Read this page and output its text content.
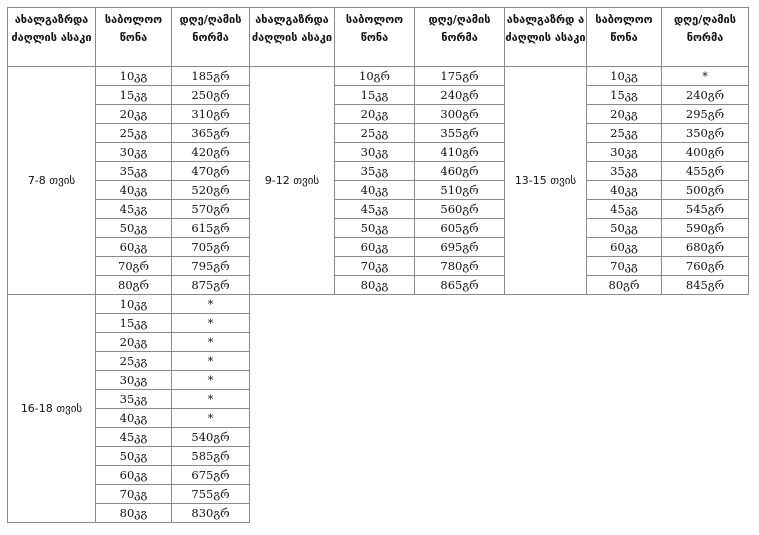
ახალგაზრდა ძაღლის ასაკი	საბოლოო წონა	დღე/ღამის ნორმა	ახალგაზრდა ძაღლის ასაკი	საბოლოო წონა	დღე/ღამის ნორმა	ახალგაზრდ ა ძაღლის ასაკი	საბოლოო წონა	დღე/ღამის ნორმა
7-8 თვის	10კგ	185გრ	9-12 თვის	10გრ	175გრ	13-15 თვის	10კგ	*
	15კგ	250გრ		15კგ	240გრ		15კგ	240გრ
	20კგ	310გრ		20კგ	300გრ		20კგ	295გრ
	25კგ	365გრ		25კგ	355გრ		25კგ	350გრ
	30კგ	420გრ		30კგ	410გრ		30კგ	400გრ
	35კგ	470გრ		35კგ	460გრ		35კგ	455გრ
	40კგ	520გრ		40კგ	510გრ		40კგ	500გრ
	45კგ	570გრ		45კგ	560გრ		45კგ	545გრ
	50კგ	615გრ		50კგ	605გრ		50კგ	590გრ
	60კგ	705გრ		60კგ	695გრ		60კგ	680გრ
	70გრ	795გრ		70კგ	780გრ		70კგ	760გრ
	80გრ	875გრ		80კგ	865გრ		80გრ	845გრ
16-18 თვის	10კგ	*						
	15კგ	*						
	20კგ	*						
	25კგ	*						
	30კგ	*						
	35კგ	*						
	40კგ	*						
	45კგ	540გრ						
	50კგ	585გრ						
	60კგ	675გრ						
	70კგ	755გრ						
	80კგ	830გრ						
